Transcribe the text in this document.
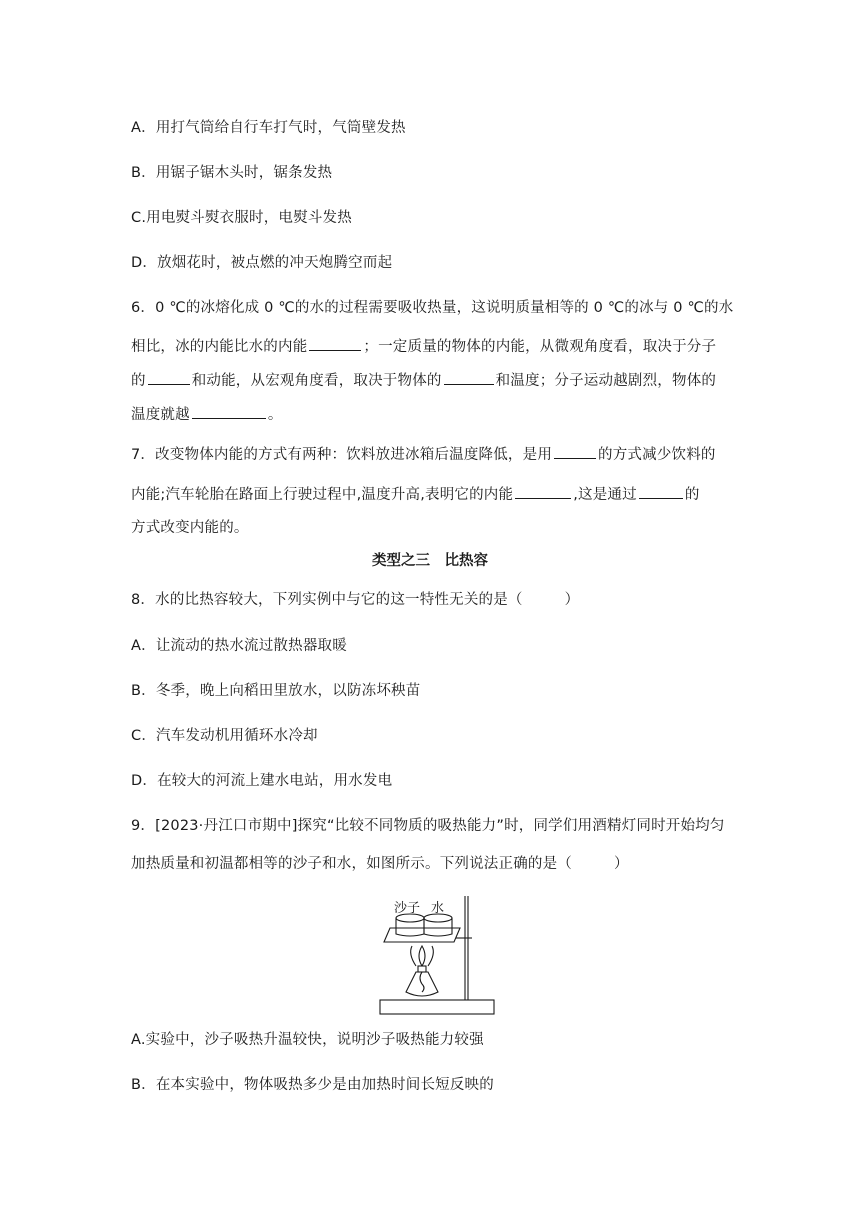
A．用打气筒给自行车打气时，气筒壁发热
B．用锯子锯木头时，锯条发热
C.用电熨斗熨衣服时，电熨斗发热
D．放烟花时，被点燃的冲天炮腾空而起
6．0 ℃的冰熔化成 0 ℃的水的过程需要吸收热量，这说明质量相等的 0 ℃的冰与 0 ℃的水
相比，冰的内能比水的内能	；一定质量的物体的内能，从微观角度看，取决于分子
的	和动能，从宏观角度看，取决于物体的	和温度；分子运动越剧烈，物体的
温度就越	。
7．改变物体内能的方式有两种：饮料放进冰箱后温度降低，是用	的方式减少饮料的
内能;汽车轮胎在路面上行驶过程中,温度升高,表明它的内能	,这是通过	的
方式改变内能的。
类型之三　比热容
8．水的比热容较大，下列实例中与它的这一特性无关的是（	）
A．让流动的热水流过散热器取暖
B．冬季，晚上向稻田里放水，以防冻坏秧苗
C．汽车发动机用循环水冷却
D．在较大的河流上建水电站，用水发电
9．[2023·丹江口市期中]探究“比较不同物质的吸热能力”时，同学们用酒精灯同时开始均匀
加热质量和初温都相等的沙子和水，如图所示。下列说法正确的是（	）
沙子 水
A.实验中，沙子吸热升温较快，说明沙子吸热能力较强
B．在本实验中，物体吸热多少是由加热时间长短反映的
